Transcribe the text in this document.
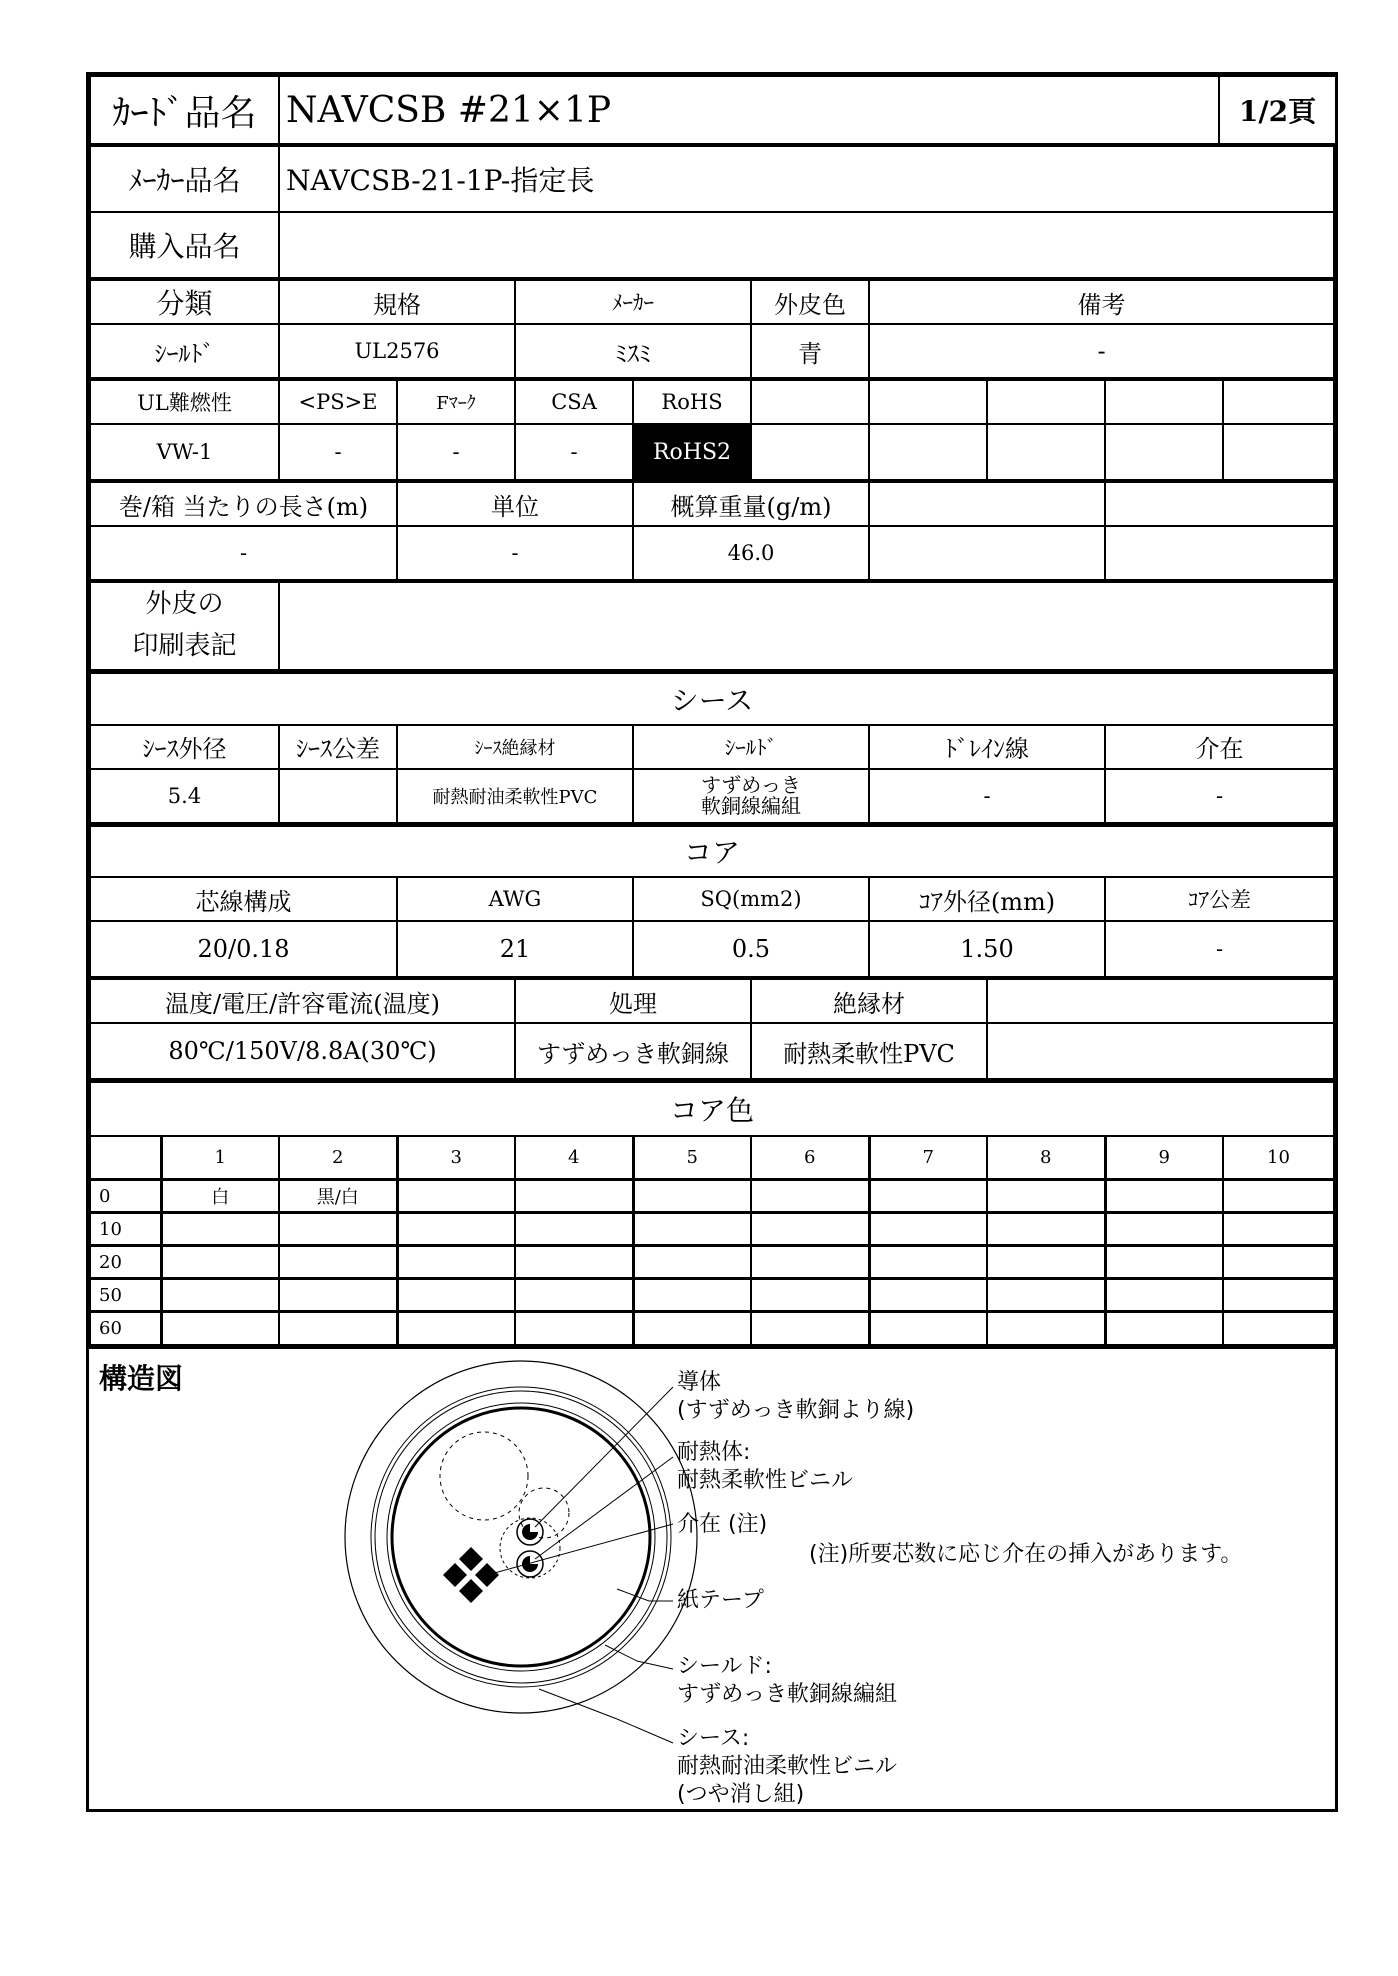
ｶｰﾄﾞ品名	NAVCSB #21×1P	1/2頁
ﾒｰｶｰ品名	NAVCSB-21-1P-指定長
購入品名	
分類	規格	ﾒｰｶｰ	外皮色	備考
ｼｰﾙﾄﾞ	UL2576	ﾐｽﾐ	青	-
UL難燃性	<PS>E	Fﾏｰｸ	CSA	RoHS					
VW-1	-	-	-	RoHS2					
巻/箱 当たりの長さ(m)	単位	概算重量(g/m)		
-	-	46.0		
外皮の
印刷表記	
シース					
ｼｰｽ外径	ｼｰｽ公差	ｼｰｽ絶縁材	ｼｰﾙﾄﾞ	ﾄﾞﾚｲﾝ線	介在
5.4		耐熱耐油柔軟性PVC	すずめっき
軟銅線編組	-	-
コア				
芯線構成	AWG	SQ(mm2)	ｺｱ外径(mm)	ｺｱ公差
20/0.18	21	0.5	1.50	-
温度/電圧/許容電流(温度)	処理	絶縁材	
80℃/150V/8.8A(30℃)	すずめっき軟銅線	耐熱柔軟性PVC	
コア色										
	1	2	3	4	5	6	7	8	9	10
0	白	黒/白								
10										
20										
50										
60										
構造図	導体
(すずめっき軟銅より線)
耐熱体:
耐熱柔軟性ビニル
介在 (注)
(注)所要芯数に応じ介在の挿入があります。
紙テープ
シールド:
すずめっき軟銅線編組
シース:
耐熱耐油柔軟性ビニル
(つや消し組)
